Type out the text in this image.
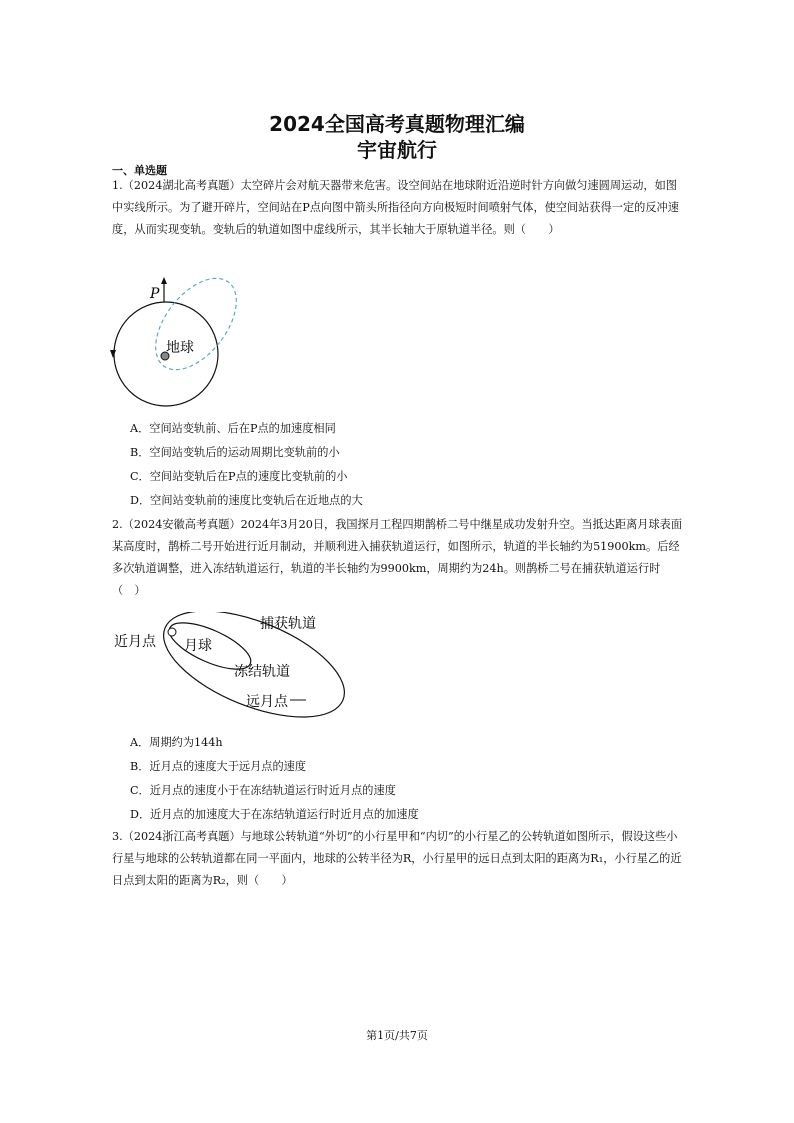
2024全国高考真题物理汇编
宇宙航行
一、单选题

1.（2024湖北高考真题）太空碎片会对航天器带来危害。设空间站在地球附近沿逆时针方向做匀速圆周运动，如图中实线所示。为了避开碎片，空间站在P点向图中箭头所指径向方向极短时间喷射气体，使空间站获得一定的反冲速度，从而实现变轨。变轨后的轨道如图中虚线所示，其半长轴大于原轨道半径。则（　　）

P
地球
A．空间站变轨前、后在P点的加速度相同
B．空间站变轨后的运动周期比变轨前的小
C．空间站变轨后在P点的速度比变轨前的小
D．空间站变轨前的速度比变轨后在近地点的大

2.（2024安徽高考真题）2024年3月20日，我国探月工程四期鹊桥二号中继星成功发射升空。当抵达距离月球表面某高度时，鹊桥二号开始进行近月制动，并顺利进入捕获轨道运行，如图所示，轨道的半长轴约为51900km。后经多次轨道调整，进入冻结轨道运行，轨道的半长轴约为9900km，周期约为24h。则鹊桥二号在捕获轨道运行时（　）

近月点 月球
捕获轨道
冻结轨道
远月点
A．周期约为144h
B．近月点的速度大于远月点的速度
C．近月点的速度小于在冻结轨道运行时近月点的速度
D．近月点的加速度大于在冻结轨道运行时近月点的加速度

3.（2024浙江高考真题）与地球公转轨道“外切”的小行星甲和“内切”的小行星乙的公转轨道如图所示，假设这些小行星与地球的公转轨道都在同一平面内，地球的公转半径为R，小行星甲的远日点到太阳的距离为R₁，小行星乙的近日点到太阳的距离为R₂，则（　　）

第1页/共7页
